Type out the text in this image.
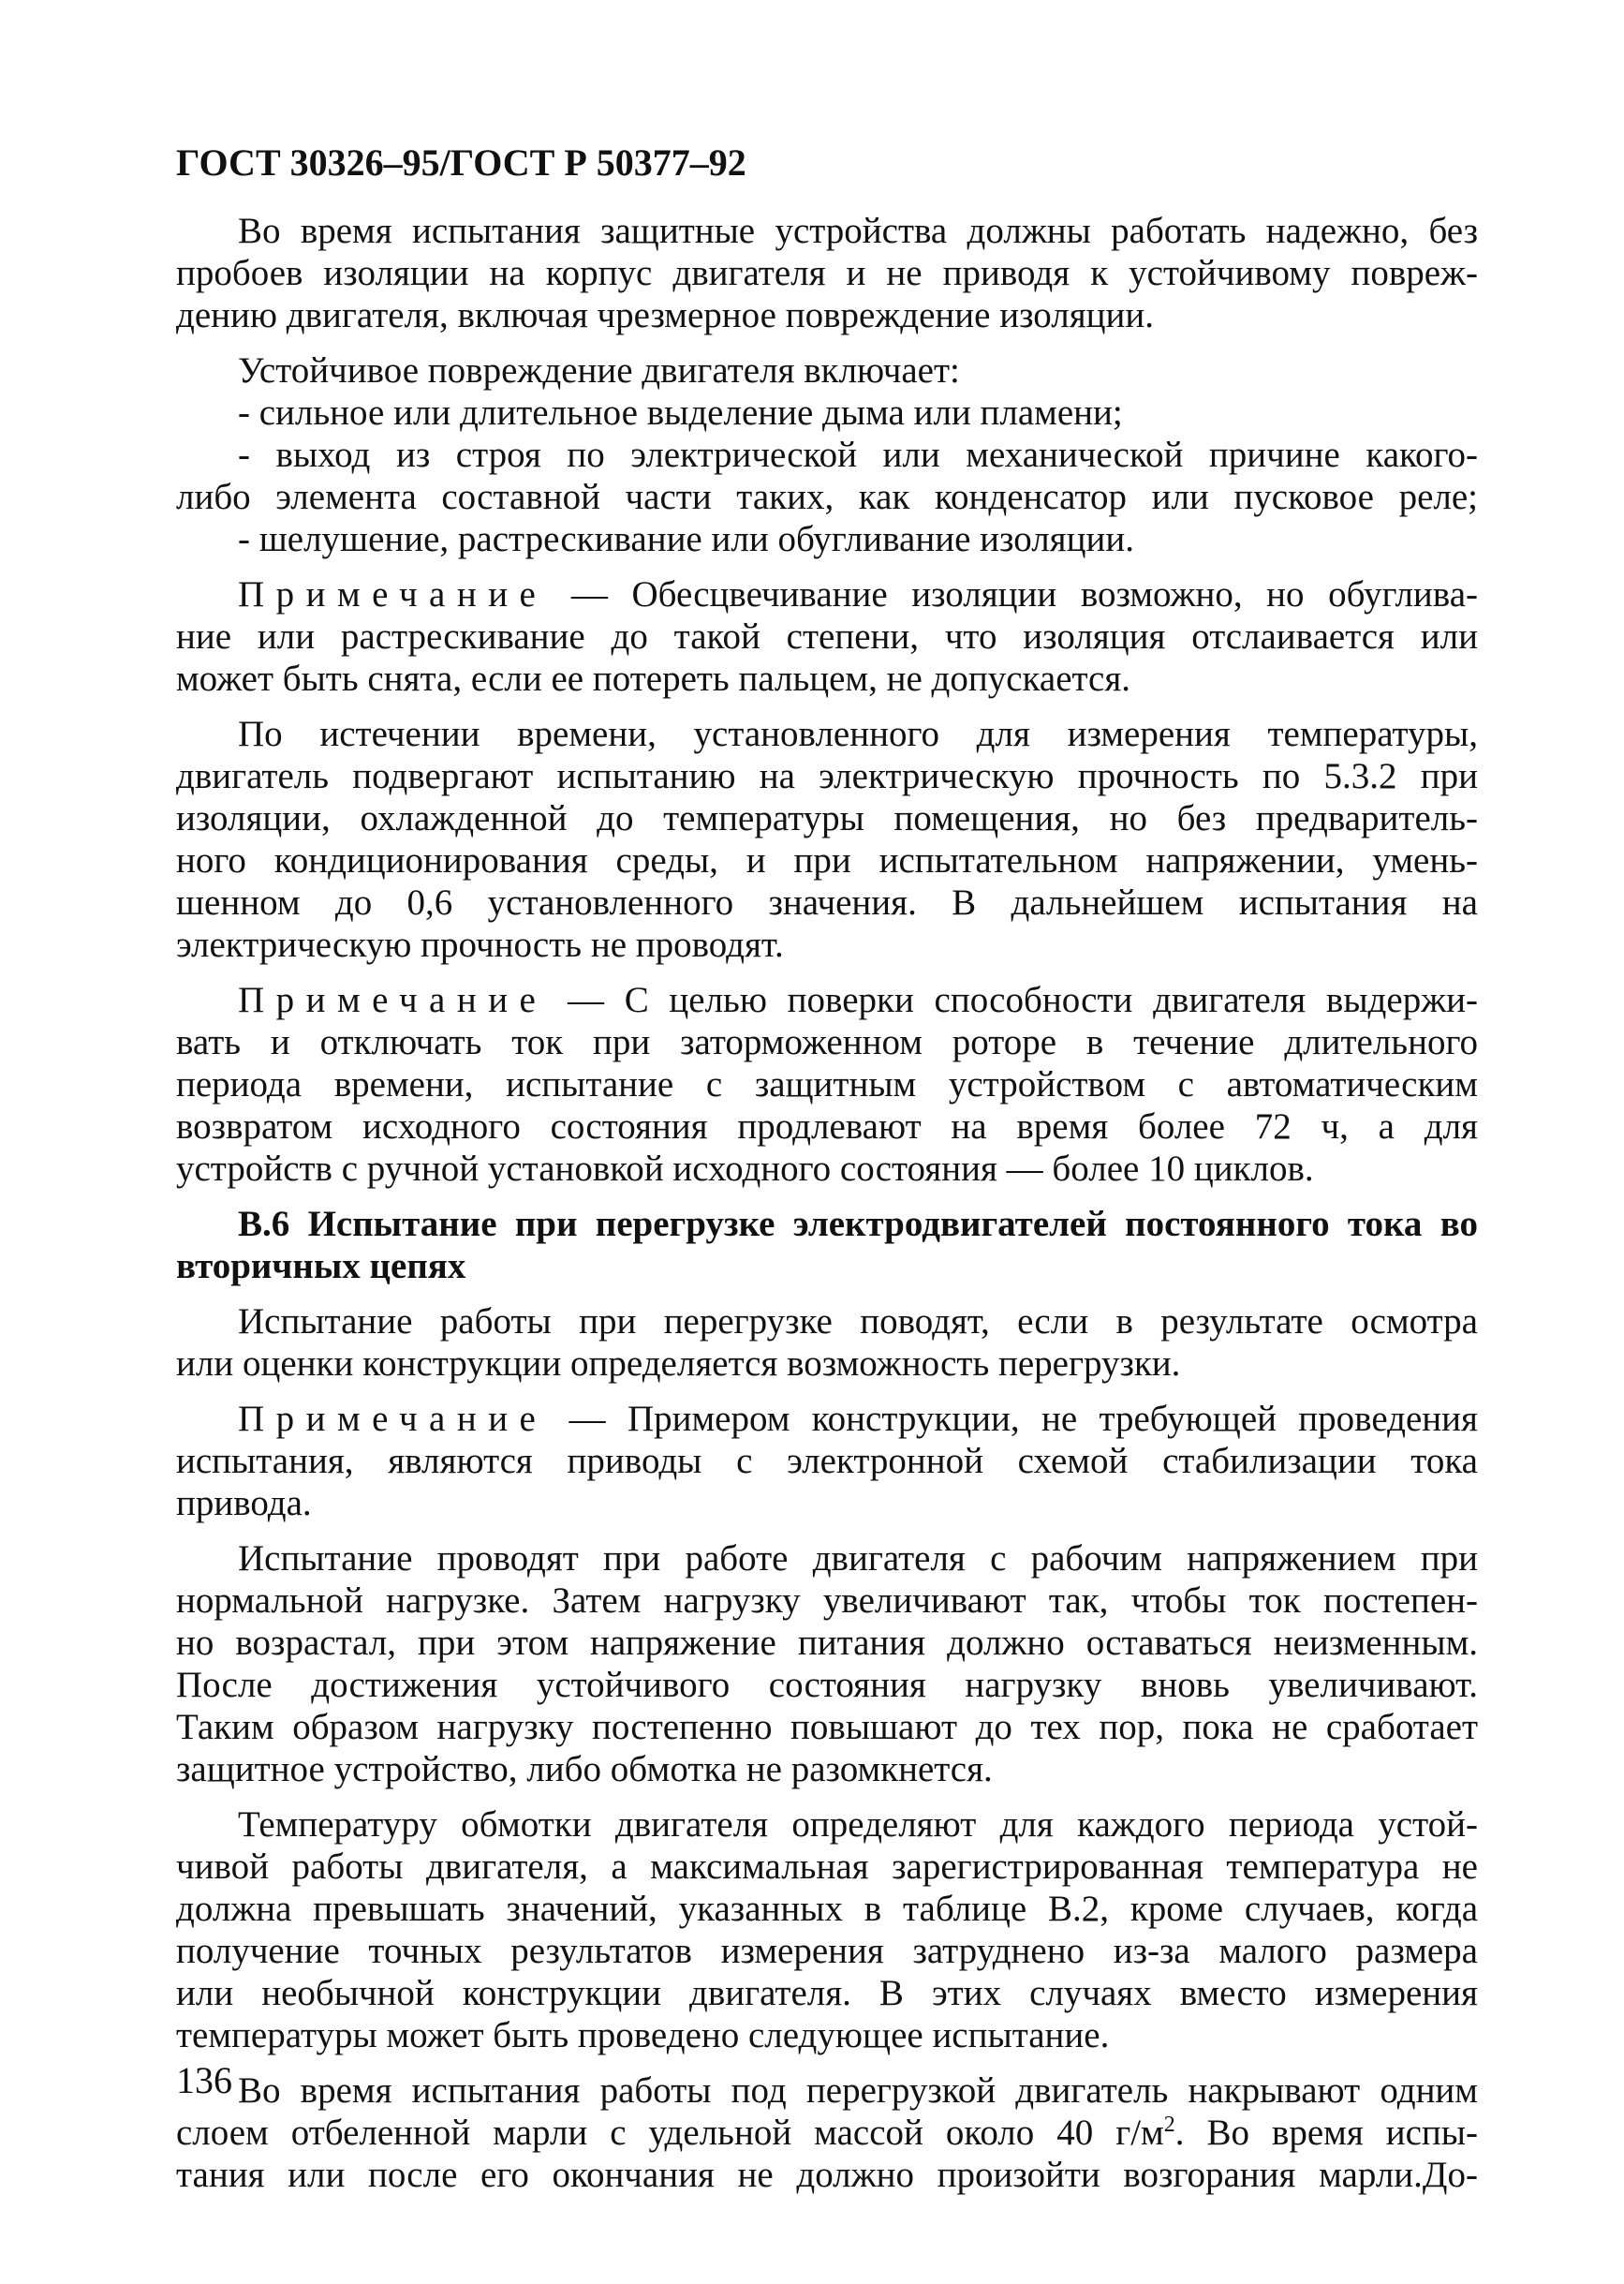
ГОСТ 30326–95/ГОСТ Р 50377–92
Во время испытания защитные устройства должны работать надежно, без
пробоев изоляции на корпус двигателя и не приводя к устойчивому повреж-
дению двигателя, включая чрезмерное повреждение изоляции.
Устойчивое повреждение двигателя включает:
- сильное или длительное выделение дыма или пламени;
- выход из строя по электрической или механической причине какого-
либо элемента составной части таких, как конденсатор или пусковое реле;
- шелушение, растрескивание или обугливание изоляции.
Примечание — Обесцвечивание изоляции возможно, но обуглива-
ние или растрескивание до такой степени, что изоляция отслаивается или
может быть снята, если ее потереть пальцем, не допускается.
По истечении времени, установленного для измерения температуры,
двигатель подвергают испытанию на электрическую прочность по 5.3.2 при
изоляции, охлажденной до температуры помещения, но без предваритель-
ного кондиционирования среды, и при испытательном напряжении, умень-
шенном до 0,6 установленного значения. В дальнейшем испытания на
электрическую прочность не проводят.
Примечание — С целью поверки способности двигателя выдержи-
вать и отключать ток при заторможенном роторе в течение длительного
периода времени, испытание с защитным устройством с автоматическим
возвратом исходного состояния продлевают на время более 72 ч, а для
устройств с ручной установкой исходного состояния — более 10 циклов.
В.6 Испытание при перегрузке электродвигателей постоянного тока во
вторичных цепях
Испытание работы при перегрузке поводят, если в результате осмотра
или оценки конструкции определяется возможность перегрузки.
Примечание — Примером конструкции, не требующей проведения
испытания, являются приводы с электронной схемой стабилизации тока
привода.
Испытание проводят при работе двигателя с рабочим напряжением при
нормальной нагрузке. Затем нагрузку увеличивают так, чтобы ток постепен-
но возрастал, при этом напряжение питания должно оставаться неизменным.
После достижения устойчивого состояния нагрузку вновь увеличивают.
Таким образом нагрузку постепенно повышают до тех пор, пока не сработает
защитное устройство, либо обмотка не разомкнется.
Температуру обмотки двигателя определяют для каждого периода устой-
чивой работы двигателя, а максимальная зарегистрированная температура не
должна превышать значений, указанных в таблице В.2, кроме случаев, когда
получение точных результатов измерения затруднено из-за малого размера
или необычной конструкции двигателя. В этих случаях вместо измерения
температуры может быть проведено следующее испытание.
Во время испытания работы под перегрузкой двигатель накрывают одним
слоем отбеленной марли с удельной массой около 40 $г/м^2$. Во время испы-
тания или после его окончания не должно произойти возгорания марли.До-
136
